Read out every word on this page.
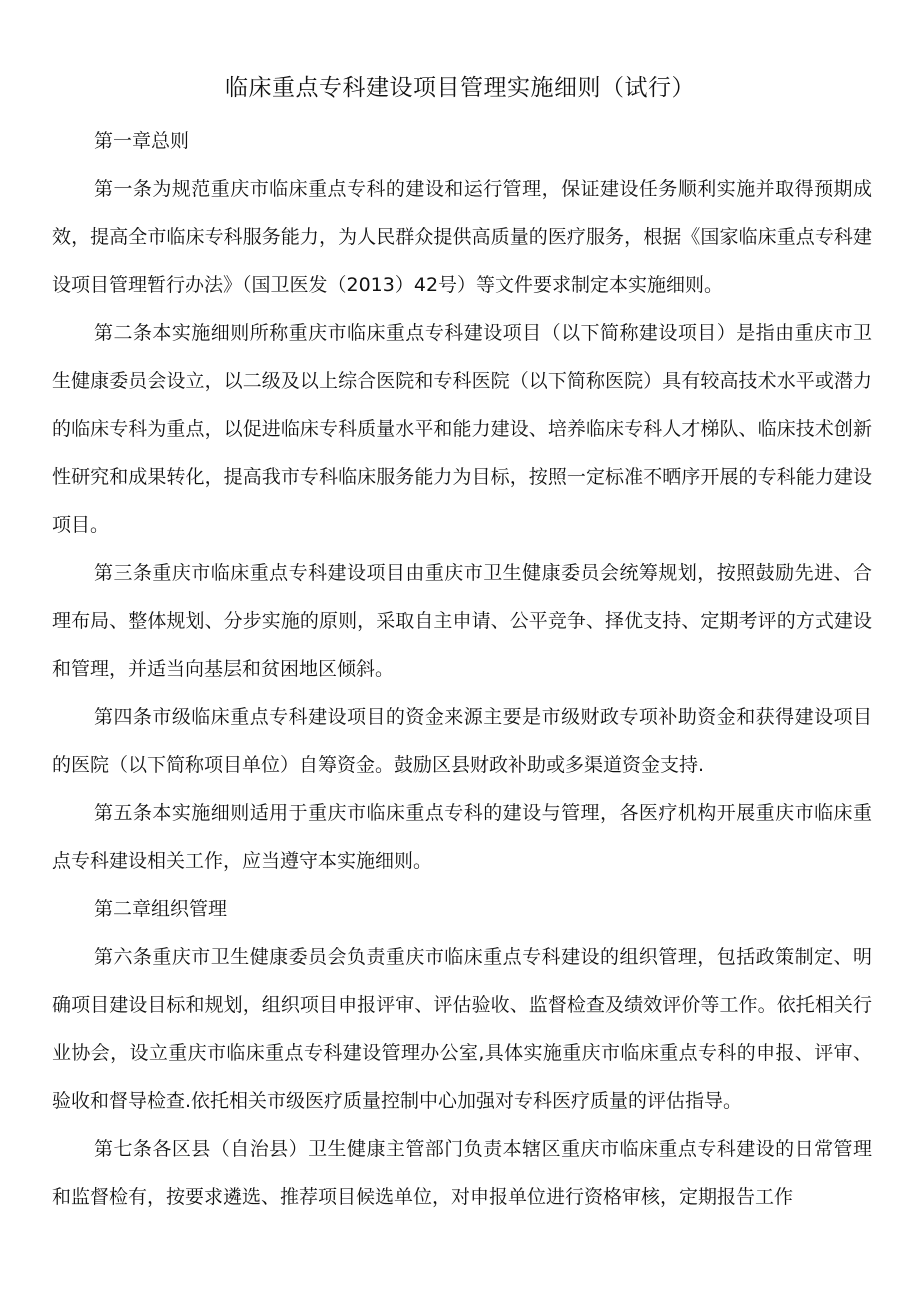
临床重点专科建设项目管理实施细则（试行）
第一章总则

第一条为规范重庆市临床重点专科的建设和运行管理，保证建设任务顺利实施并取得预期成效，提高全市临床专科服务能力，为人民群众提供高质量的医疗服务，根据《国家临床重点专科建设项目管理暂行办法》（国卫医发（2013）42号）等文件要求制定本实施细则。

第二条本实施细则所称重庆市临床重点专科建设项目（以下简称建设项目）是指由重庆市卫生健康委员会设立，以二级及以上综合医院和专科医院（以下简称医院）具有较高技术水平或潜力的临床专科为重点，以促进临床专科质量水平和能力建设、培养临床专科人才梯队、临床技术创新性研究和成果转化，提高我市专科临床服务能力为目标，按照一定标准不晒序开展的专科能力建设项目。

第三条重庆市临床重点专科建设项目由重庆市卫生健康委员会统筹规划，按照鼓励先进、合理布局、整体规划、分步实施的原则，采取自主申请、公平竞争、择优支持、定期考评的方式建设和管理，并适当向基层和贫困地区倾斜。

第四条市级临床重点专科建设项目的资金来源主要是市级财政专项补助资金和获得建设项目的医院（以下简称项目单位）自筹资金。鼓励区县财政补助或多渠道资金支持.

第五条本实施细则适用于重庆市临床重点专科的建设与管理，各医疗机构开展重庆市临床重点专科建设相关工作，应当遵守本实施细则。

第二章组织管理

第六条重庆市卫生健康委员会负责重庆市临床重点专科建设的组织管理，包括政策制定、明确项目建设目标和规划，组织项目申报评审、评估验收、监督检查及绩效评价等工作。依托相关行业协会，设立重庆市临床重点专科建设管理办公室,具体实施重庆市临床重点专科的申报、评审、验收和督导检查.依托相关市级医疗质量控制中心加强对专科医疗质量的评估指导。

第七条各区县（自治县）卫生健康主管部门负责本辖区重庆市临床重点专科建设的日常管理和监督检有，按要求遴选、推荐项目候选单位，对申报单位进行资格审核，定期报告工作
